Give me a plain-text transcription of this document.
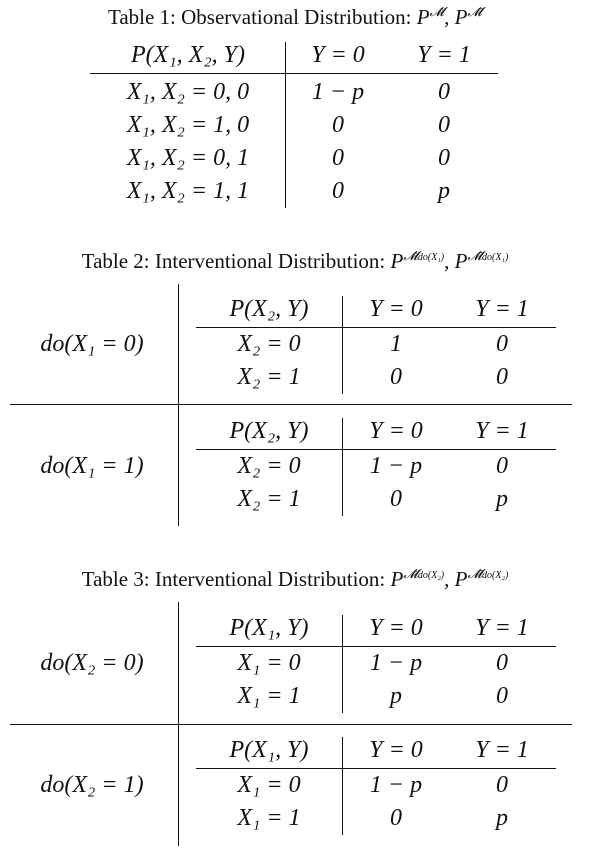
Table 1: Observational Distribution: $P^{𝓜̈}$, $P^{𝓜̃}$
P(X₁, X₂, Y)	Y = 0	Y = 1
X₁, X₂ = 0, 0	1 − p	0
X₁, X₂ = 1, 0	0	0
X₁, X₂ = 0, 1	0	0
X₁, X₂ = 1, 1	0	p
Table 2: Interventional Distribution: $P^{𝓜̈do(X_1)}$, $P^{𝓜̃do(X_1)}$
do(X₁ = 0)
P(X₂, Y)	Y = 0	Y = 1
X₂ = 0	1	0
X₂ = 1	0	0
do(X₁ = 1)
P(X₂, Y)	Y = 0	Y = 1
X₂ = 0	1 − p	0
X₂ = 1	0	p
Table 3: Interventional Distribution: $P^{𝓜̈do(X_2)}$, $P^{𝓜̃do(X_2)}$
do(X₂ = 0)
P(X₁, Y)	Y = 0	Y = 1
X₁ = 0	1 − p	0
X₁ = 1	p	0
do(X₂ = 1)
P(X₁, Y)	Y = 0	Y = 1
X₁ = 0	1 − p	0
X₁ = 1	0	p
